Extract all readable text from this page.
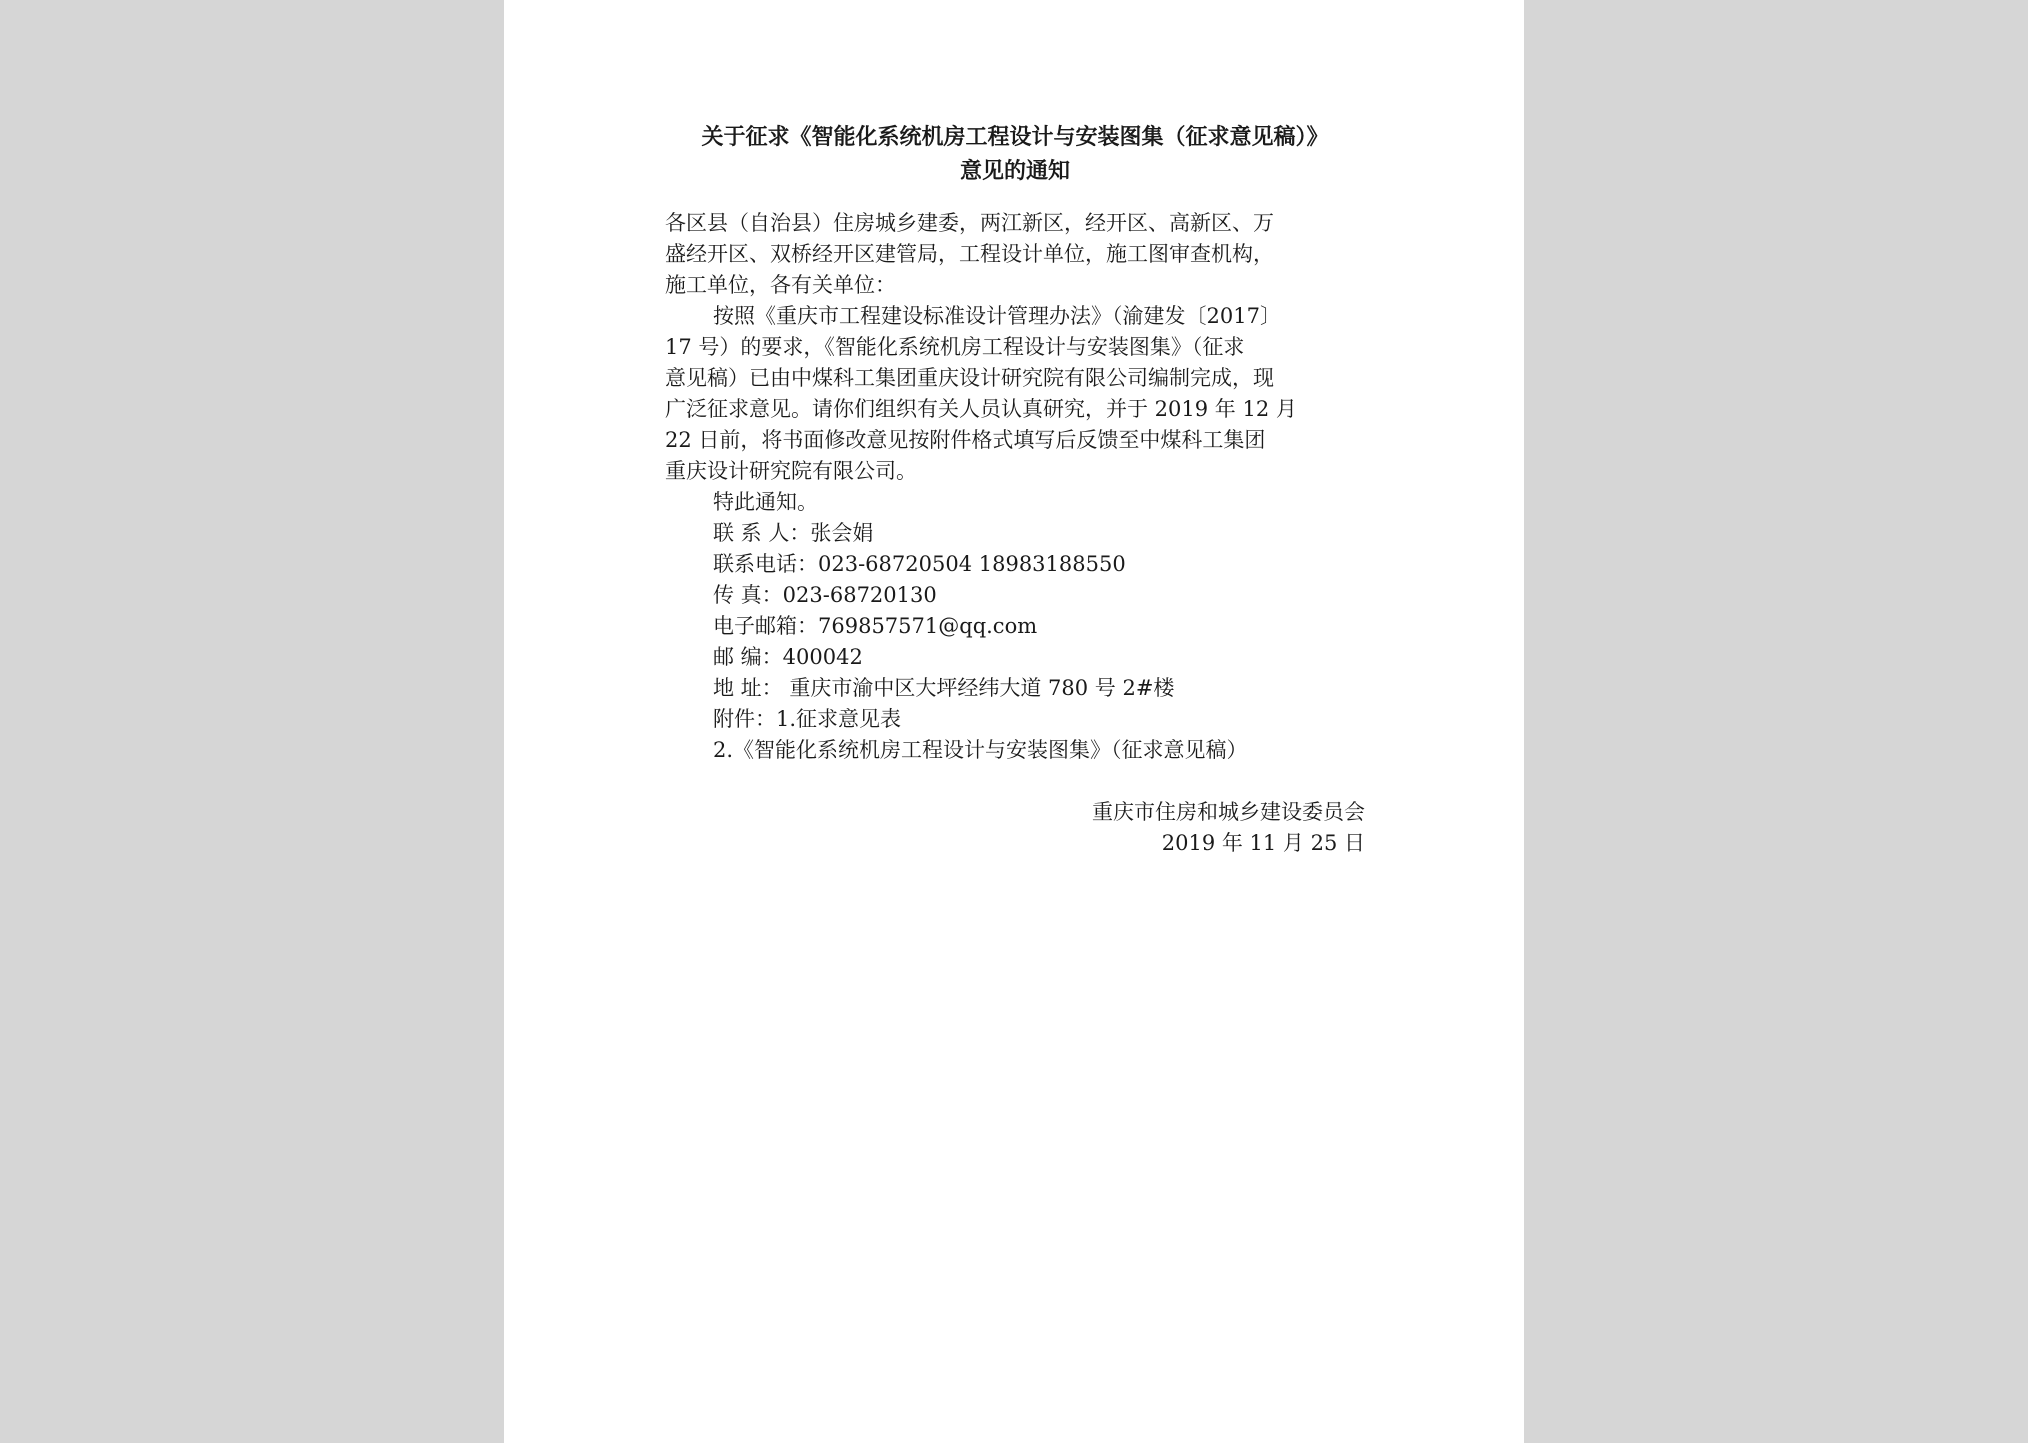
关于征求《智能化系统机房工程设计与安装图集（征求意见稿）》
意见的通知
各区县（自治县）住房城乡建委，两江新区，经开区、高新区、万
盛经开区、双桥经开区建管局，工程设计单位，施工图审查机构，
施工单位，各有关单位：
按照《重庆市工程建设标准设计管理办法》（渝建发〔2017〕
17 号）的要求，《智能化系统机房工程设计与安装图集》（征求
意见稿）已由中煤科工集团重庆设计研究院有限公司编制完成，现
广泛征求意见。请你们组织有关人员认真研究，并于 2019 年 12 月
22 日前，将书面修改意见按附件格式填写后反馈至中煤科工集团
重庆设计研究院有限公司。
特此通知。
联 系 人：张会娟
联系电话：023-68720504 18983188550
传 真：023-68720130
电子邮箱：769857571@qq.com
邮 编：400042
地 址： 重庆市渝中区大坪经纬大道 780 号 2#楼
附件：1.征求意见表
2.《智能化系统机房工程设计与安装图集》（征求意见稿）
重庆市住房和城乡建设委员会
2019 年 11 月 25 日
